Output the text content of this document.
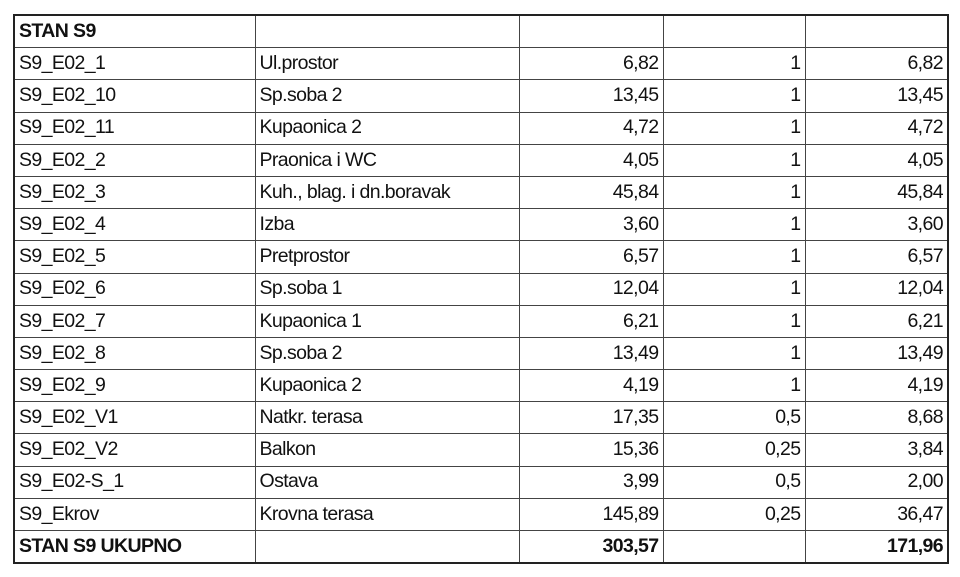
STAN S9				
S9_E02_1	Ul.prostor	6,82	1	6,82
S9_E02_10	Sp.soba 2	13,45	1	13,45
S9_E02_11	Kupaonica 2	4,72	1	4,72
S9_E02_2	Praonica i WC	4,05	1	4,05
S9_E02_3	Kuh., blag. i dn.boravak	45,84	1	45,84
S9_E02_4	Izba	3,60	1	3,60
S9_E02_5	Pretprostor	6,57	1	6,57
S9_E02_6	Sp.soba 1	12,04	1	12,04
S9_E02_7	Kupaonica 1	6,21	1	6,21
S9_E02_8	Sp.soba 2	13,49	1	13,49
S9_E02_9	Kupaonica 2	4,19	1	4,19
S9_E02_V1	Natkr. terasa	17,35	0,5	8,68
S9_E02_V2	Balkon	15,36	0,25	3,84
S9_E02-S_1	Ostava	3,99	0,5	2,00
S9_Ekrov	Krovna terasa	145,89	0,25	36,47
STAN S9 UKUPNO		303,57		171,96
